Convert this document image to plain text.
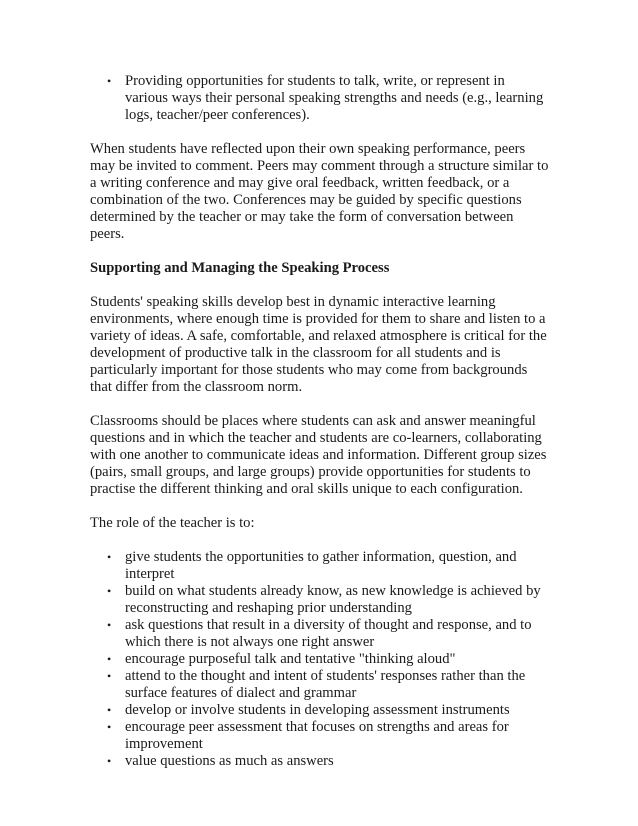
• Providing opportunities for students to talk, write, or represent in various ways their personal speaking strengths and needs (e.g., learning logs, teacher/peer conferences).

When students have reflected upon their own speaking performance, peers may be invited to comment. Peers may comment through a structure similar to a writing conference and may give oral feedback, written feedback, or a combination of the two. Conferences may be guided by specific questions determined by the teacher or may take the form of conversation between peers.

Supporting and Managing the Speaking Process

Students' speaking skills develop best in dynamic interactive learning environments, where enough time is provided for them to share and listen to a variety of ideas. A safe, comfortable, and relaxed atmosphere is critical for the development of productive talk in the classroom for all students and is particularly important for those students who may come from backgrounds that differ from the classroom norm.

Classrooms should be places where students can ask and answer meaningful questions and in which the teacher and students are co-learners, collaborating with one another to communicate ideas and information. Different group sizes (pairs, small groups, and large groups) provide opportunities for students to practise the different thinking and oral skills unique to each configuration.

The role of the teacher is to:

• give students the opportunities to gather information, question, and interpret
• build on what students already know, as new knowledge is achieved by reconstructing and reshaping prior understanding
• ask questions that result in a diversity of thought and response, and to which there is not always one right answer
• encourage purposeful talk and tentative "thinking aloud"
• attend to the thought and intent of students' responses rather than the surface features of dialect and grammar
• develop or involve students in developing assessment instruments
• encourage peer assessment that focuses on strengths and areas for improvement
• value questions as much as answers
